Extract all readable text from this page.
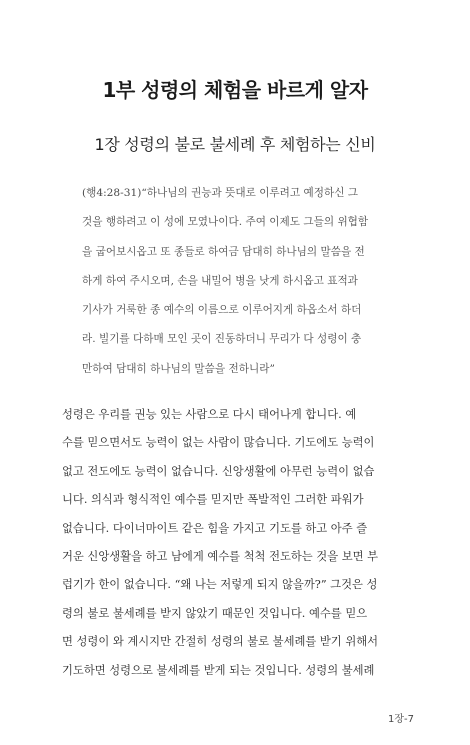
1부 성령의 체험을 바르게 알자
1장 성령의 불로 불세례 후 체험하는 신비
(행4:28-31)“하나님의 권능과 뜻대로 이루려고 예정하신 그
것을 행하려고 이 성에 모였나이다. 주여 이제도 그들의 위협함
을 굽어보시옵고 또 종들로 하여금 담대히 하나님의 말씀을 전
하게 하여 주시오며, 손을 내밀어 병을 낫게 하시옵고 표적과
기사가 거룩한 종 예수의 이름으로 이루어지게 하옵소서 하더
라. 빌기를 다하매 모인 곳이 진동하더니 무리가 다 성령이 충
만하여 담대히 하나님의 말씀을 전하니라”
성령은 우리를 권능 있는 사람으로 다시 태어나게 합니다. 예
수를 믿으면서도 능력이 없는 사람이 많습니다. 기도에도 능력이
없고 전도에도 능력이 없습니다. 신앙생활에 아무런 능력이 없습
니다. 의식과 형식적인 예수를 믿지만 폭발적인 그러한 파워가
없습니다. 다이너마이트 같은 힘을 가지고 기도를 하고 아주 즐
거운 신앙생활을 하고 남에게 예수를 척척 전도하는 것을 보면 부
럽기가 한이 없습니다. “왜 나는 저렇게 되지 않을까?” 그것은 성
령의 불로 불세례를 받지 않았기 때문인 것입니다. 예수를 믿으
면 성령이 와 계시지만 간절히 성령의 불로 불세례를 받기 위해서
기도하면 성령으로 불세례를 받게 되는 것입니다. 성령의 불세례
1장-7
